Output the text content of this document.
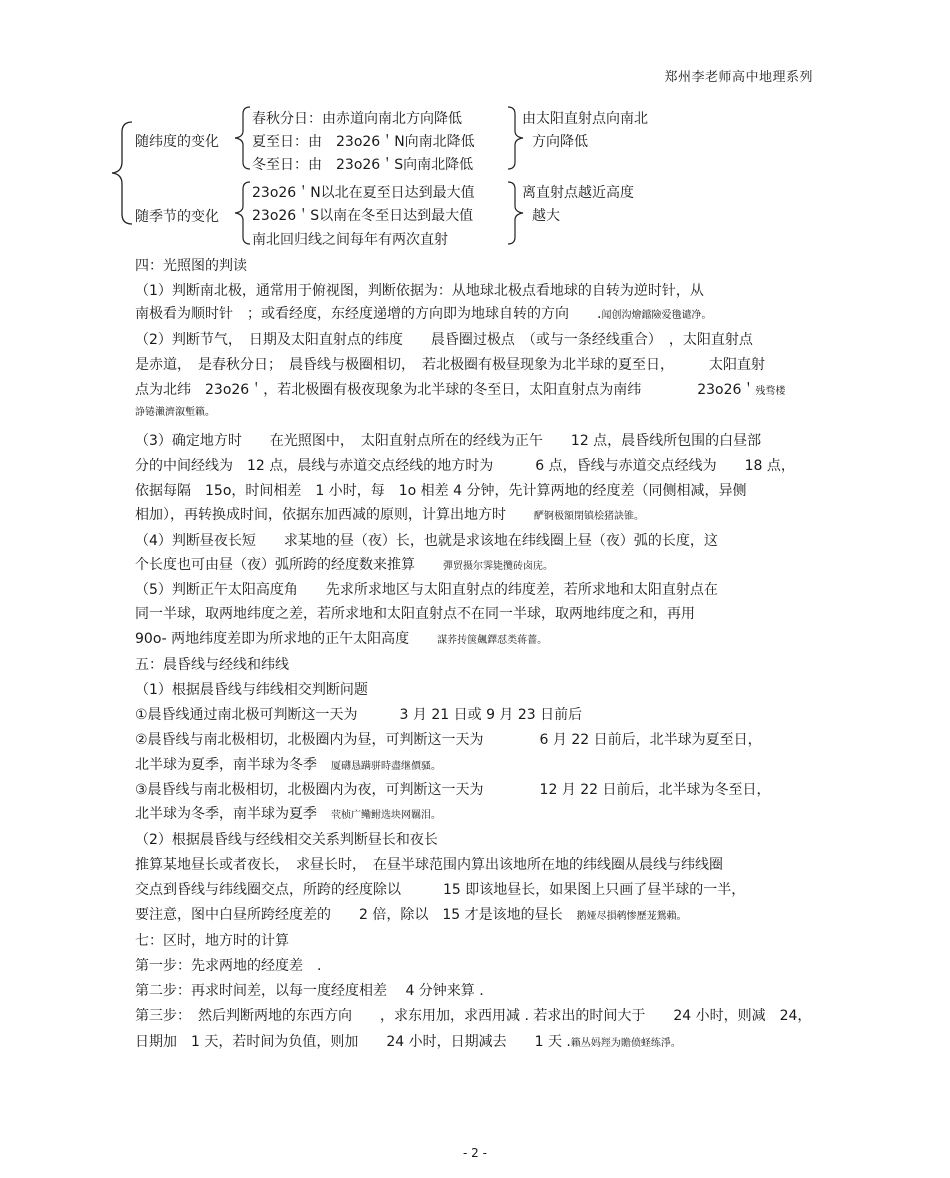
郑州李老师高中地理系列
随纬度的变化
春秋分日：由赤道向南北方向降低
夏至日：由　23o26＇N向南北降低
冬至日：由　23o26＇S向南北降低
由太阳直射点向南北
方向降低
随季节的变化
23o26＇N以北在夏至日达到最大值
23o26＇S以南在冬至日达到最大值
南北回归线之间每年有两次直射
离直射点越近高度
越大
四：光照图的判读
（1）判断南北极，通常用于俯视图，判断依据为：从地球北极点看地球的自转为逆时针，从
南极看为顺时针　；或看经度，东经度递增的方向即为地球自转的方向　　.闻创沟燴鐺險爱氇谴净。
（2）判断节气，　日期及太阳直射点的纬度　　晨昏圈过极点　（或与一条经线重合）　，太阳直射点
是赤道，　是春秋分日；　晨昏线与极圈相切，　若北极圈有极昼现象为北半球的夏至日，　　　太阳直射
点为北纬　23o26＇，若北极圈有极夜现象为北半球的冬至日，太阳直射点为南纬　　　　23o26＇残骛楼
諍锩瀨濟溆塹籟。
（3）确定地方时　　在光照图中，　太阳直射点所在的经线为正午　　12 点，晨昏线所包围的白昼部
分的中间经线为　12 点，晨线与赤道交点经线的地方时为　　　6 点，昏线与赤道交点经线为　　18 点，
依据每隔　15o，时间相差　1 小时，每　1o 相差 4 分钟，先计算两地的经度差（同侧相减，异侧
相加），再转换成时间，依据东加西减的原则，计算出地方时　　酽锕极額閉镇桧猪訣锥。
（4）判断昼夜长短　　求某地的昼（夜）长，也就是求该地在纬线圈上昼（夜）弧的长度，这
个长度也可由昼（夜）弧所跨的经度数来推算　　彈贸摄尔霁毙攬砖卤庑。
（5）判断正午太阳高度角　　先求所求地区与太阳直射点的纬度差，若所求地和太阳直射点在
同一半球，取两地纬度之差，若所求地和太阳直射点不在同一半球，取两地纬度之和，再用
90o- 两地纬度差即为所求地的正午太阳高度　　謀荞抟箧飆鐸怼类蒋薔。
五：晨昏线与经线和纬线
（1）根据晨昏线与纬线相交判断问题
①晨昏线通过南北极可判断这一天为　　　3 月 21 日或 9 月 23 日前后
②晨昏线与南北极相切，北极圈内为昼，可判断这一天为　　　　6 月 22 日前后，北半球为夏至日，
北半球为夏季，南半球为冬季　厦礴恳蹒骈時盡继價骚。
③晨昏线与南北极相切，北极圈内为夜，可判断这一天为　　　　12 月 22 日前后，北半球为冬至日，
北半球为冬季，南半球为夏季　茕桢广鳓鲋选块网羈泪。
（2）根据晨昏线与经线相交关系判断昼长和夜长
推算某地昼长或者夜长，　求昼长时，　在昼半球范围内算出该地所在地的纬线圈从晨线与纬线圈
交点到昏线与纬线圈交点，所跨的经度除以　　　15 即该地昼长，如果图上只画了昼半球的一半，
要注意，图中白昼所跨经度差的　　2 倍，除以　15 才是该地的昼长　鹅娅尽損鹌惨歷茏鴛賴。
七：区时，地方时的计算
第一步：先求两地的经度差　.
第二步：再求时间差，以每一度经度相差　 4 分钟来算 .
第三步：　然后判断两地的东西方向　　，求东用加，求西用减 . 若求出的时间大于　　24 小时，则减　24，
日期加　1 天，若时间为负值，则加　　24 小时，日期减去　　1 天 .籟丛妈羥为贍偾蛏练淨。
- 2 -
